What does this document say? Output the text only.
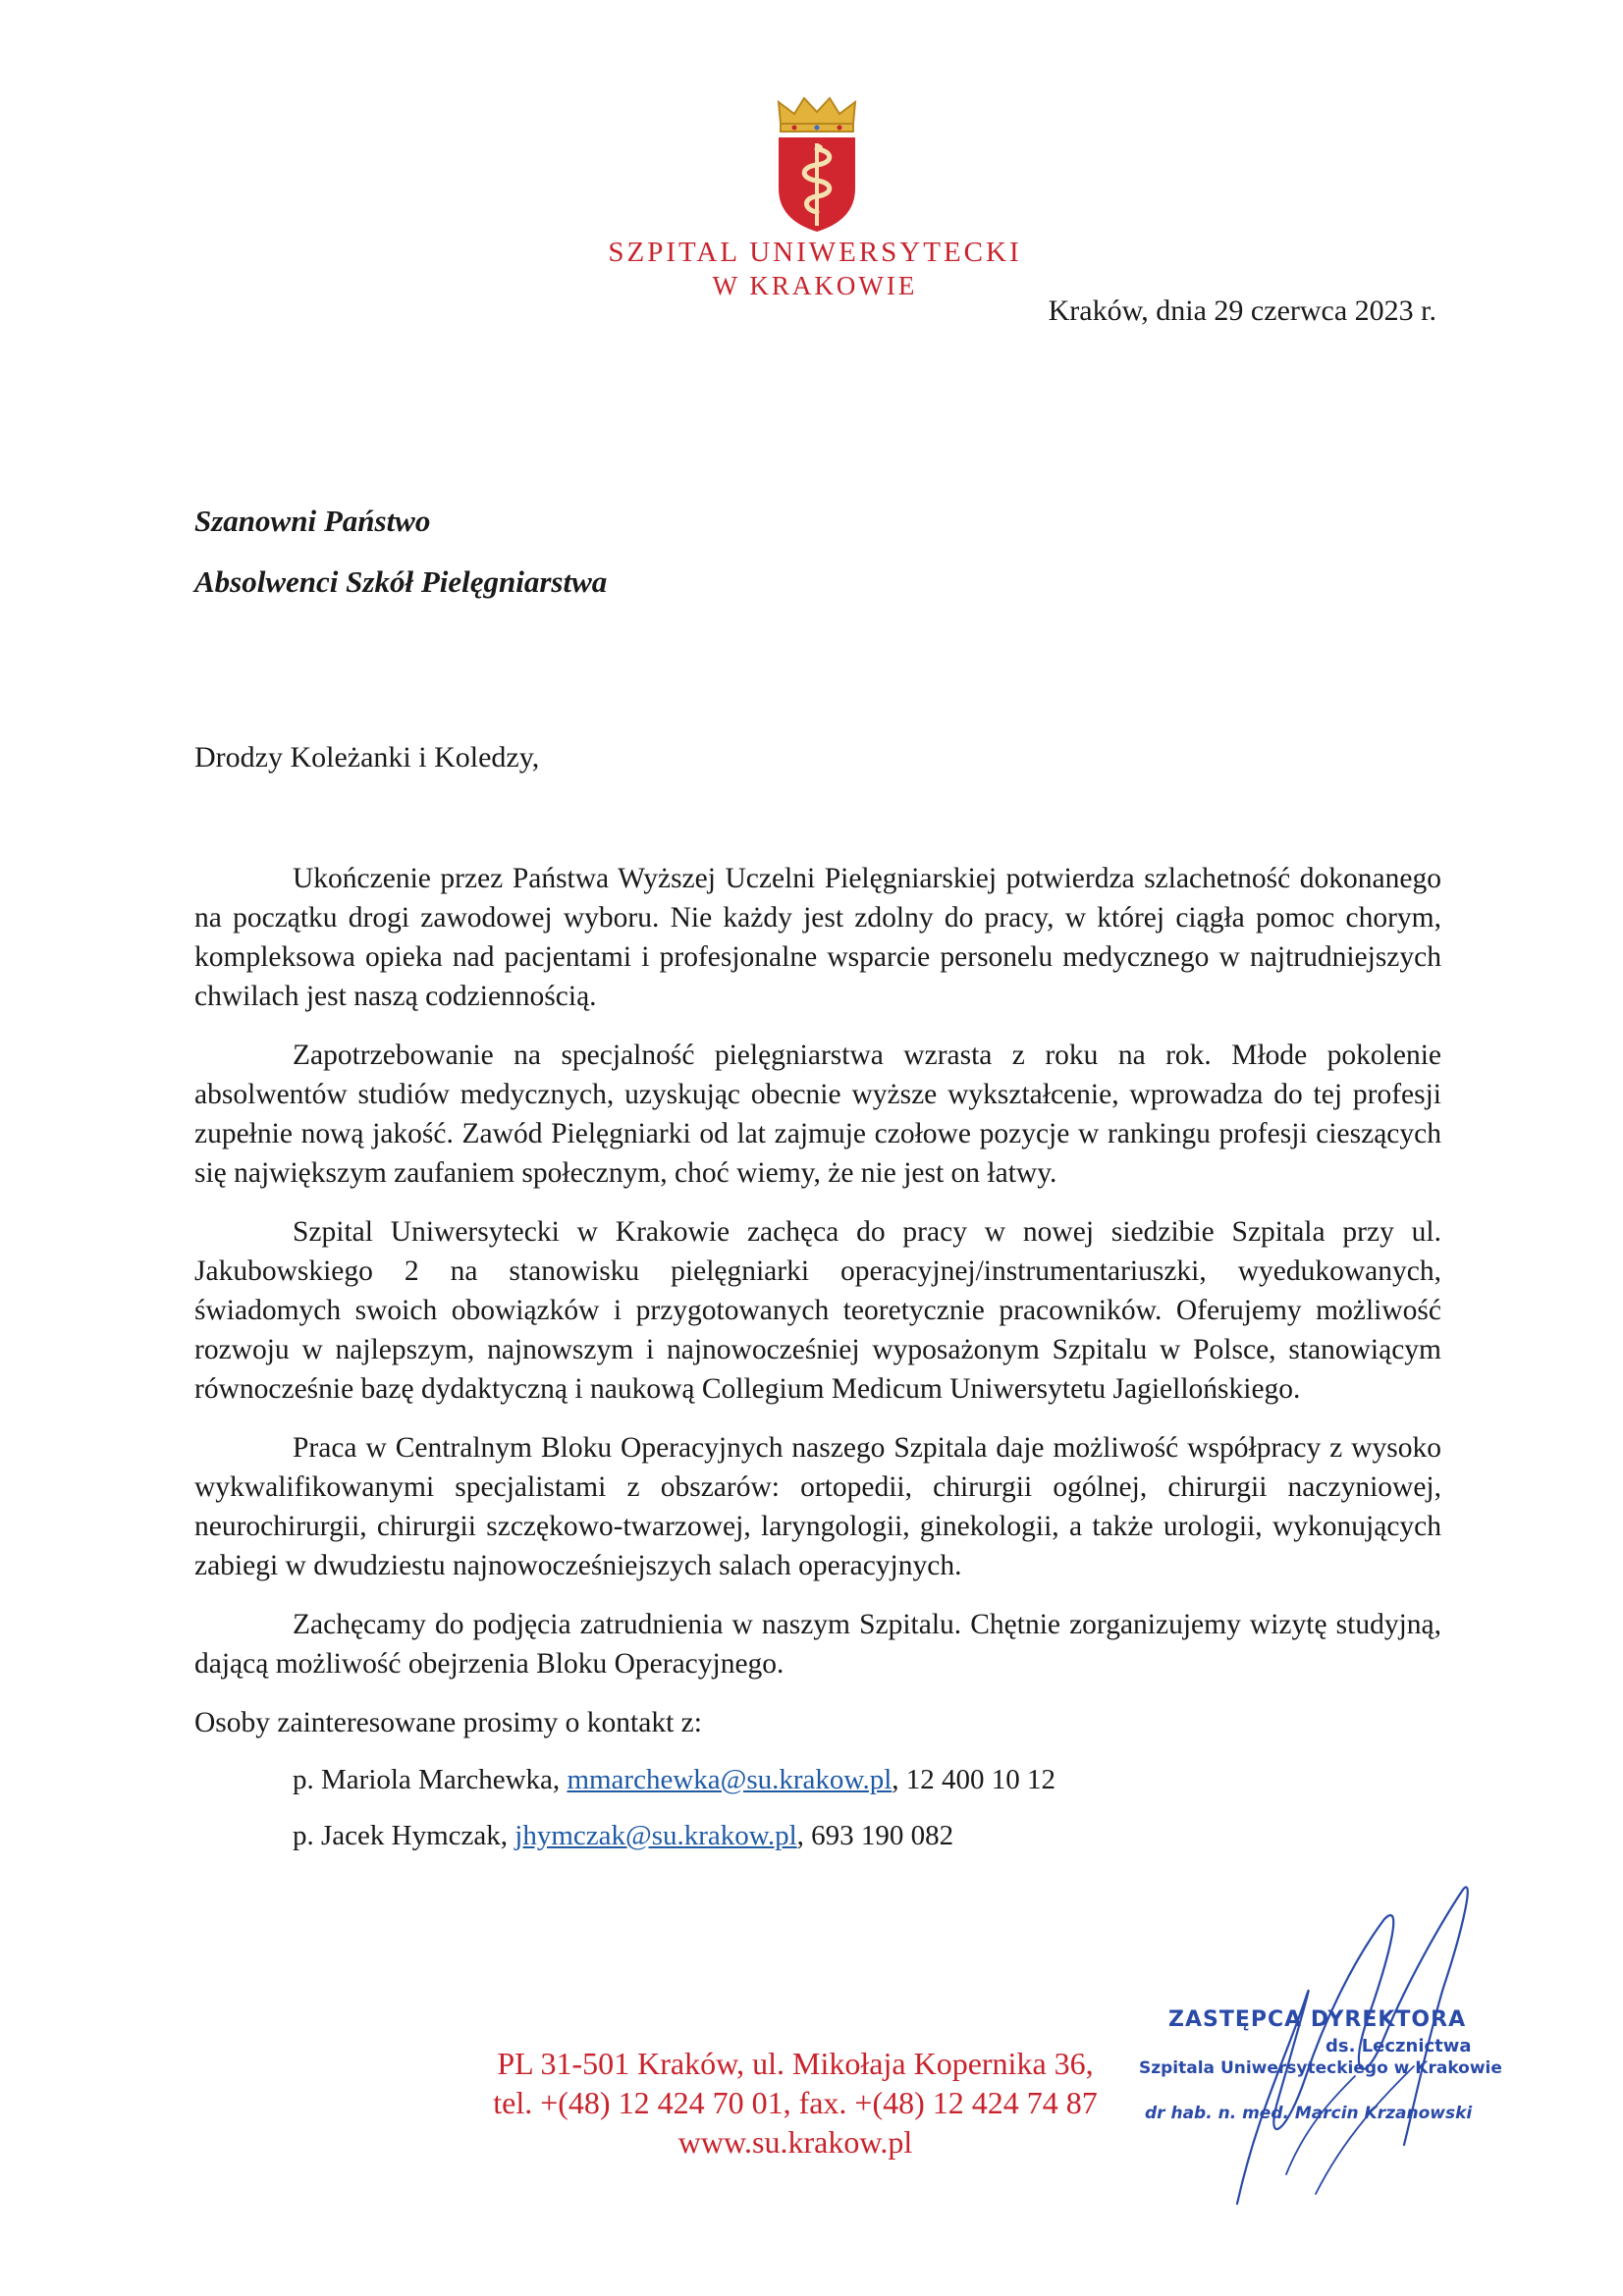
SZPITAL UNIWERSYTECKI
W KRAKOWIE
Kraków, dnia 29 czerwca 2023 r.
Szanowni Państwo
Absolwenci Szkół Pielęgniarstwa
Drodzy Koleżanki i Koledzy,

Ukończenie przez Państwa Wyższej Uczelni Pielęgniarskiej potwierdza szlachetność dokonanego na początku drogi zawodowej wyboru. Nie każdy jest zdolny do pracy, w której ciągła pomoc chorym, kompleksowa opieka nad pacjentami i profesjonalne wsparcie personelu medycznego w najtrudniejszych chwilach jest naszą codziennością.

Zapotrzebowanie na specjalność pielęgniarstwa wzrasta z roku na rok. Młode pokolenie absolwentów studiów medycznych, uzyskując obecnie wyższe wykształcenie, wprowadza do tej profesji zupełnie nową jakość. Zawód Pielęgniarki od lat zajmuje czołowe pozycje w rankingu profesji cieszących się największym zaufaniem społecznym, choć wiemy, że nie jest on łatwy.

Szpital Uniwersytecki w Krakowie zachęca do pracy w nowej siedzibie Szpitala przy ul. Jakubowskiego 2 na stanowisku pielęgniarki operacyjnej/instrumentariuszki, wyedukowanych, świadomych swoich obowiązków i przygotowanych teoretycznie pracowników. Oferujemy możliwość rozwoju w najlepszym, najnowszym i najnowocześniej wyposażonym Szpitalu w Polsce, stanowiącym równocześnie bazę dydaktyczną i naukową Collegium Medicum Uniwersytetu Jagiellońskiego.

Praca w Centralnym Bloku Operacyjnych naszego Szpitala daje możliwość współpracy z wysoko wykwalifikowanymi specjalistami z obszarów: ortopedii, chirurgii ogólnej, chirurgii naczyniowej, neurochirurgii, chirurgii szczękowo-twarzowej, laryngologii, ginekologii, a także urologii, wykonujących zabiegi w dwudziestu najnowocześniejszych salach operacyjnych.

Zachęcamy do podjęcia zatrudnienia w naszym Szpitalu. Chętnie zorganizujemy wizytę studyjną, dającą możliwość obejrzenia Bloku Operacyjnego.

Osoby zainteresowane prosimy o kontakt z:

p. Mariola Marchewka, mmarchewka@su.krakow.pl, 12 400 10 12
p. Jacek Hymczak, jhymczak@su.krakow.pl, 693 190 082
PL 31-501 Kraków, ul. Mikołaja Kopernika 36,
tel. +(48) 12 424 70 01, fax. +(48) 12 424 74 87
www.su.krakow.pl
ZASTĘPCA DYREKTORA
ds. Lecznictwa
Szpitala Uniwersyteckiego w Krakowie
dr hab. n. med. Marcin Krzanowski
